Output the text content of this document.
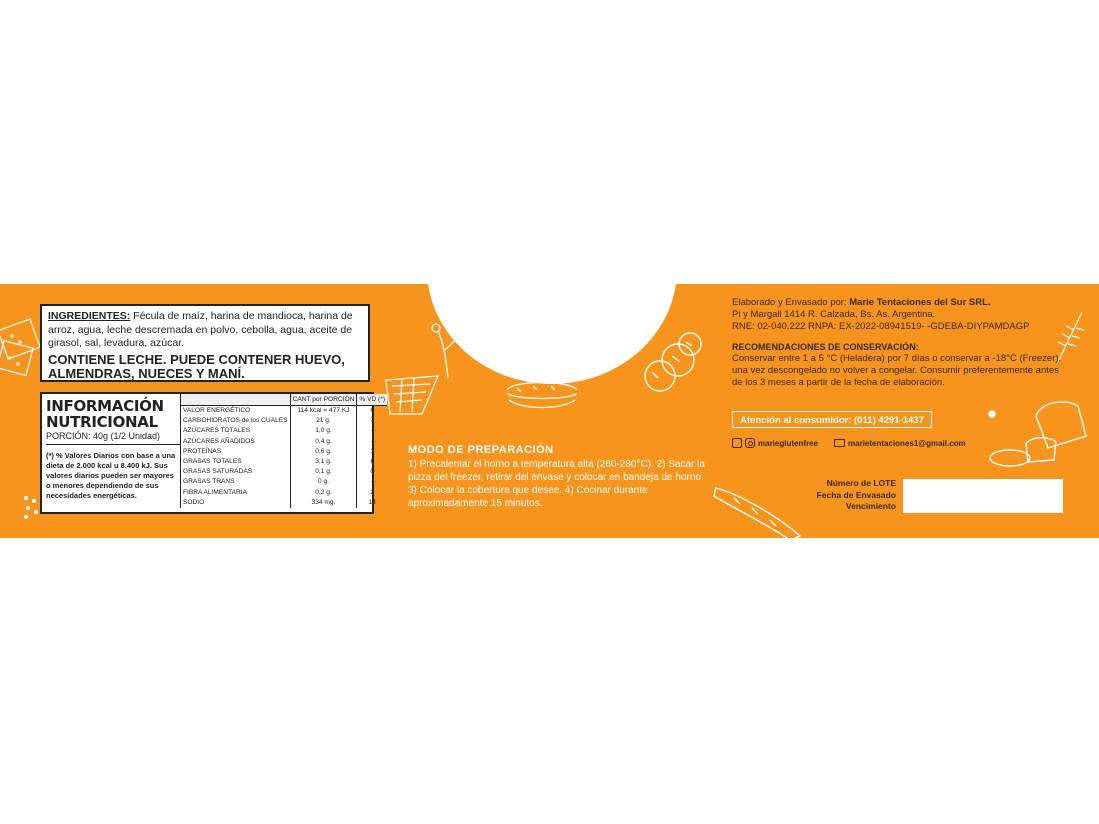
INGREDIENTES: Fécula de maíz, harina de mandioca, harina de arroz, agua, leche descremada en polvo, cebolla, agua, aceite de girasol, sal, levadura, azúcar.
CONTIENE LECHE. PUEDE CONTENER HUEVO, ALMENDRAS, NUECES Y MANÍ.
INFORMACIÓN
NUTRICIONAL
PORCIÓN: 40g (1/2 Unidad)
(*) % Valores Diarios con base a una dieta de 2.000 kcal u 8.400 kJ. Sus valores diarios pueden ser mayores o menores dependiendo de sus necesidades energéticas.
	CANT por PORCIÓN	% VD (*)
VALOR ENERGÉTICO	114 kcal = 477 KJ	6
CARBOHIDRATOS de los CUALES	21 g.	7
AZÚCARES TOTALES	1,0 g.	-
AZÚCARES AÑADIDOS	0,4 g.	-
PROTEÍNAS	0,6 g.	1
GRASAS TOTALES	3,1 g.	6
GRASAS SATURADAS	0,1 g.	0
GRASAS TRANS	0 g.	-
FIBRA ALIMENTARIA	0,2 g.	2
SODIO	334 mg.	14
MODO DE PREPARACIÓN
1) Precalentar el horno a temperatura alta (260-280°C). 2) Sacar la pizza del freezer, retirar del envase y colocar en bandeja de horno. 3) Colocar la cobertura que desee. 4) Cocinar durante aproximadamente 15 minutos.
Elaborado y Envasado por: Marie Tentaciones del Sur SRL.
Pi y Margall 1414 R. Calzada, Bs. As. Argentina.
RNE: 02-040.222 RNPA: EX-2022-08941519- -GDEBA-DIYPAMDAGP
RECOMENDACIONES DE CONSERVACIÓN:
Conservar entre 1 a 5 °C (Heladera) por 7 días o conservar a -18°C (Freezer), una vez descongelado no volver a congelar. Consumir preferentemente antes de los 3 meses a partir de la fecha de elaboración.
Atención al consumidor: (011) 4291-1437
marieglutenfree	marietentaciones1@gmail.com
Número de LOTE
Fecha de Envasado
Vencimiento
